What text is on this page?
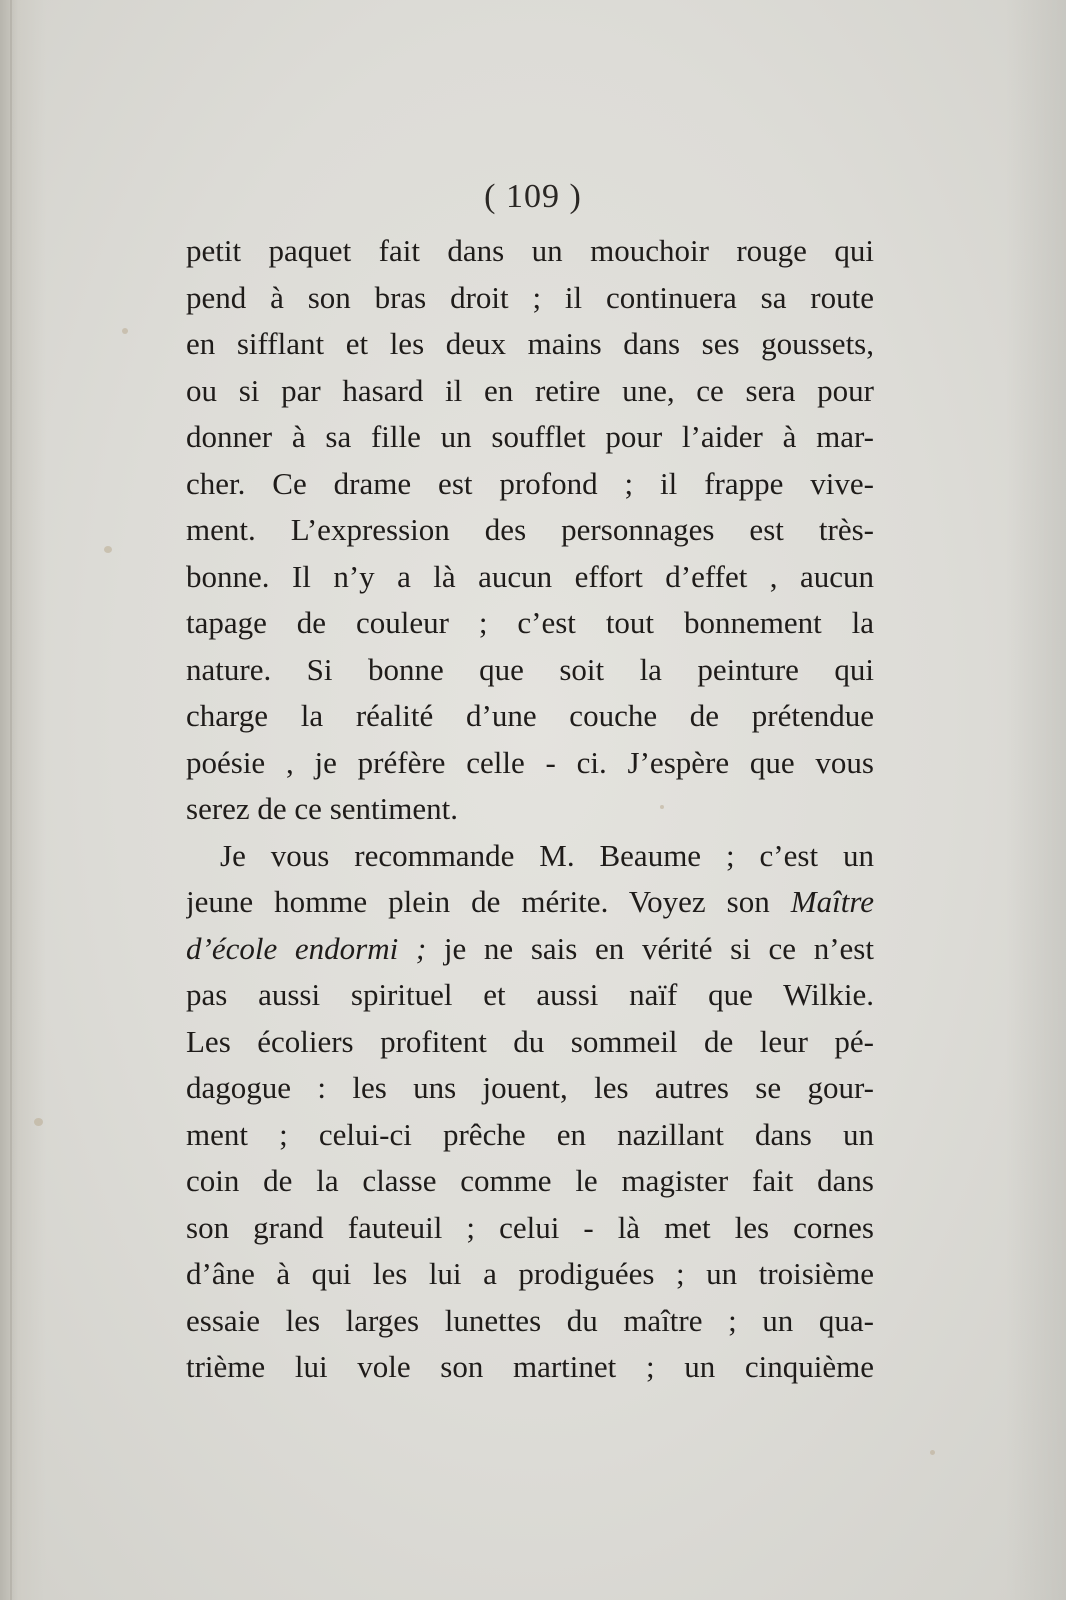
( 109 )
petit paquet fait dans un mouchoir rouge qui
pend à son bras droit ; il continuera sa route
en sifflant et les deux mains dans ses goussets,
ou si par hasard il en retire une, ce sera pour
donner à sa fille un soufflet pour l’aider à mar-
cher. Ce drame est profond ; il frappe vive-
ment. L’expression des personnages est très-
bonne. Il n’y a là aucun effort d’effet , aucun
tapage de couleur ; c’est tout bonnement la
nature. Si bonne que soit la peinture qui
charge la réalité d’une couche de prétendue
poésie , je préfère celle - ci. J’espère que vous
serez de ce sentiment.
Je vous recommande M. Beaume ; c’est un
jeune homme plein de mérite. Voyez son Maître
d’école endormi ; je ne sais en vérité si ce n’est
pas aussi spirituel et aussi naïf que Wilkie.
Les écoliers profitent du sommeil de leur pé-
dagogue : les uns jouent, les autres se gour-
ment ; celui-ci prêche en nazillant dans un
coin de la classe comme le magister fait dans
son grand fauteuil ; celui - là met les cornes
d’âne à qui les lui a prodiguées ; un troisième
essaie les larges lunettes du maître ; un qua-
trième lui vole son martinet ; un cinquième
